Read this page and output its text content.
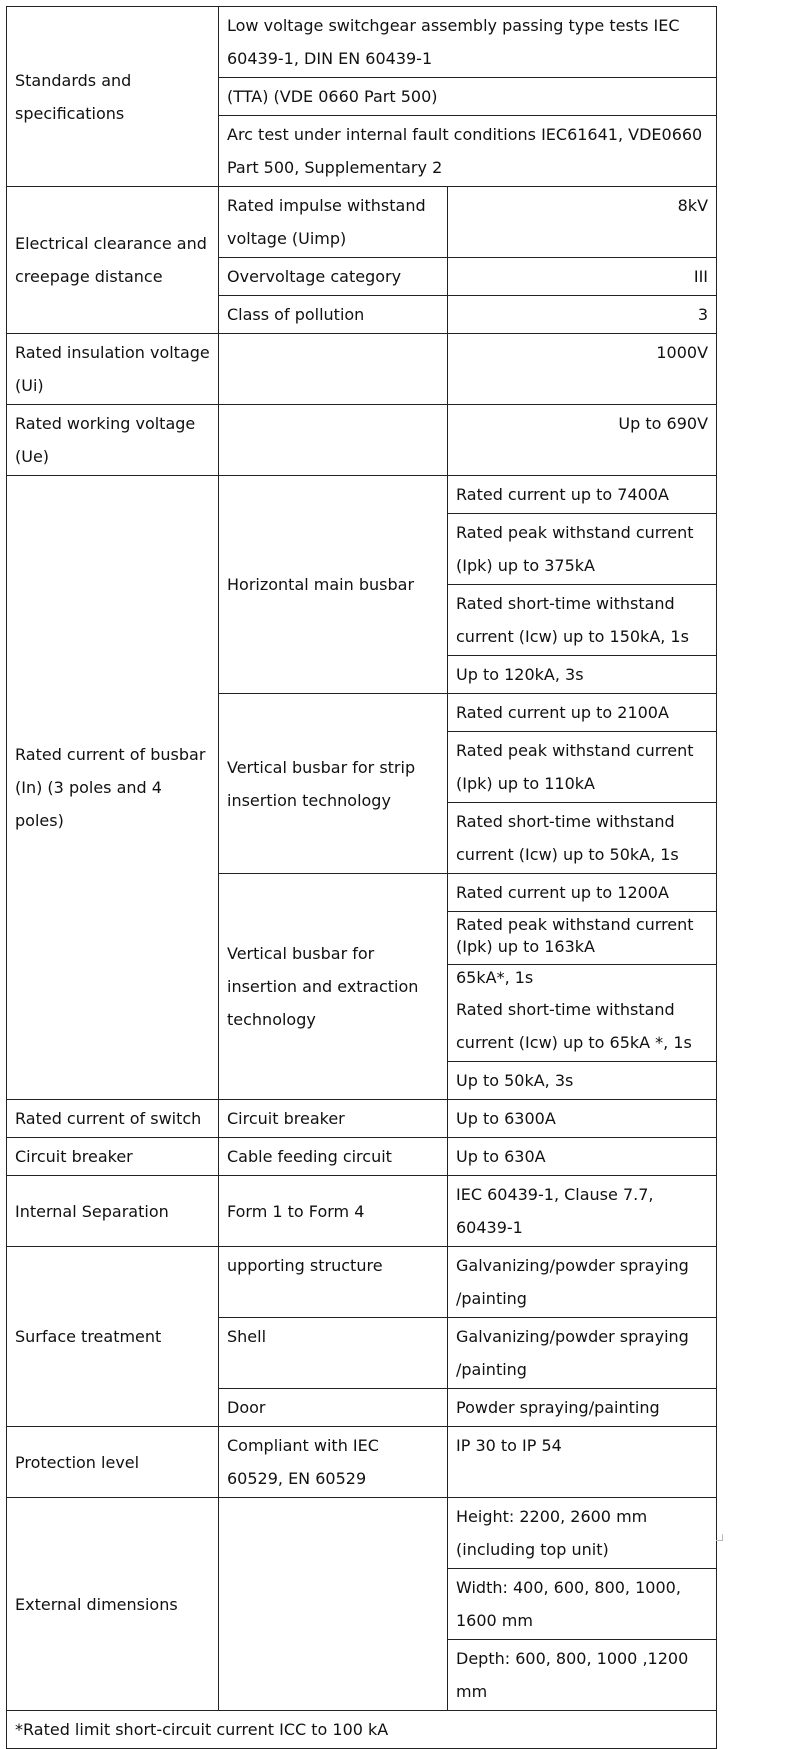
Standards and specifications	Low voltage switchgear assembly passing type tests IEC 60439-1, DIN EN 60439-1	
	(TTA) (VDE 0660 Part 500)	
	Arc test under internal fault conditions IEC61641, VDE0660 Part 500, Supplementary 2	
Electrical clearance and creepage distance	Rated impulse withstand voltage (Uimp)	8kV
	Overvoltage category	III
	Class of pollution	3
Rated insulation voltage (Ui)		1000V
Rated working voltage (Ue)		Up to 690V
Rated current of busbar (In) (3 poles and 4 poles)	Horizontal main busbar	Rated current up to 7400A
		Rated peak withstand current (Ipk) up to 375kA
		Rated short-time withstand current (Icw) up to 150kA, 1s
		Up to 120kA, 3s
	Vertical busbar for strip insertion technology	Rated current up to 2100A
		Rated peak withstand current (Ipk) up to 110kA
		Rated short-time withstand current (Icw) up to 50kA, 1s
	Vertical busbar for insertion and extraction technology	Rated current up to 1200A
		Rated peak withstand current (Ipk) up to 163kA
		65kA*, 1s
		Rated short-time withstand current (Icw) up to 65kA *, 1s
		Up to 50kA, 3s
Rated current of switch	Circuit breaker	Up to 6300A
Circuit breaker	Cable feeding circuit	Up to 630A
Internal Separation	Form 1 to Form 4	IEC 60439-1, Clause 7.7, 60439-1
Surface treatment	upporting structure	Galvanizing/powder spraying /painting
	Shell	Galvanizing/powder spraying /painting
	Door	Powder spraying/painting
Protection level	Compliant with IEC 60529, EN 60529	IP 30 to IP 54
External dimensions		Height: 2200, 2600 mm (including top unit)
		Width: 400, 600, 800, 1000, 1600 mm
		Depth: 600, 800, 1000 ,1200 mm
*Rated limit short-circuit current ICC to 100 kA		
